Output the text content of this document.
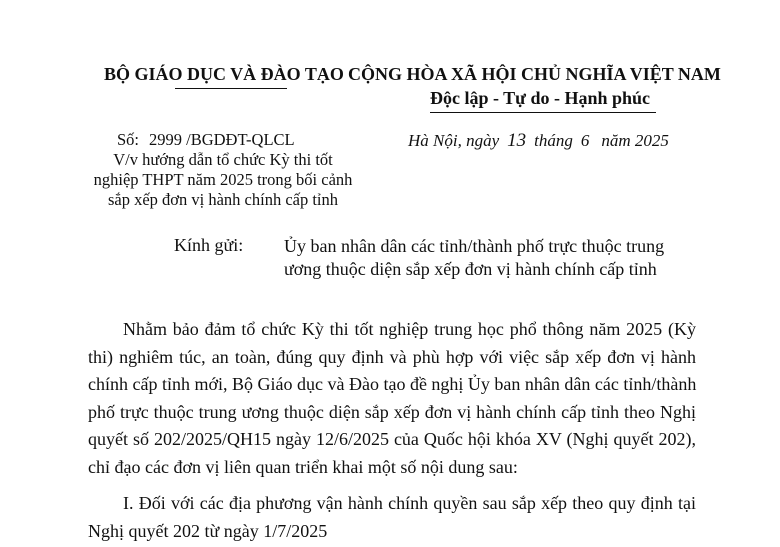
BỘ GIÁO DỤC VÀ ĐÀO TẠO CỘNG HÒA XÃ HỘI CHỦ NGHĨA VIỆT NAM
Độc lập - Tự do - Hạnh phúc
Số: 2999 /BGDĐT-QLCL
V/v hướng dẫn tổ chức Kỳ thi tốt
nghiệp THPT năm 2025 trong bối cảnh
sắp xếp đơn vị hành chính cấp tỉnh
Hà Nội, ngày 13 tháng 6 năm 2025
Kính gửi: Ủy ban nhân dân các tỉnh/thành phố trực thuộc trung
ương thuộc diện sắp xếp đơn vị hành chính cấp tỉnh
Nhằm bảo đảm tổ chức Kỳ thi tốt nghiệp trung học phổ thông năm 2025 (Kỳ
thi) nghiêm túc, an toàn, đúng quy định và phù hợp với việc sắp xếp đơn vị hành
chính cấp tỉnh mới, Bộ Giáo dục và Đào tạo đề nghị Ủy ban nhân dân các tỉnh/thành
phố trực thuộc trung ương thuộc diện sắp xếp đơn vị hành chính cấp tỉnh theo Nghị
quyết số 202/2025/QH15 ngày 12/6/2025 của Quốc hội khóa XV (Nghị quyết 202),
chỉ đạo các đơn vị liên quan triển khai một số nội dung sau:
I. Đối với các địa phương vận hành chính quyền sau sắp xếp theo quy định tại
Nghị quyết 202 từ ngày 1/7/2025
